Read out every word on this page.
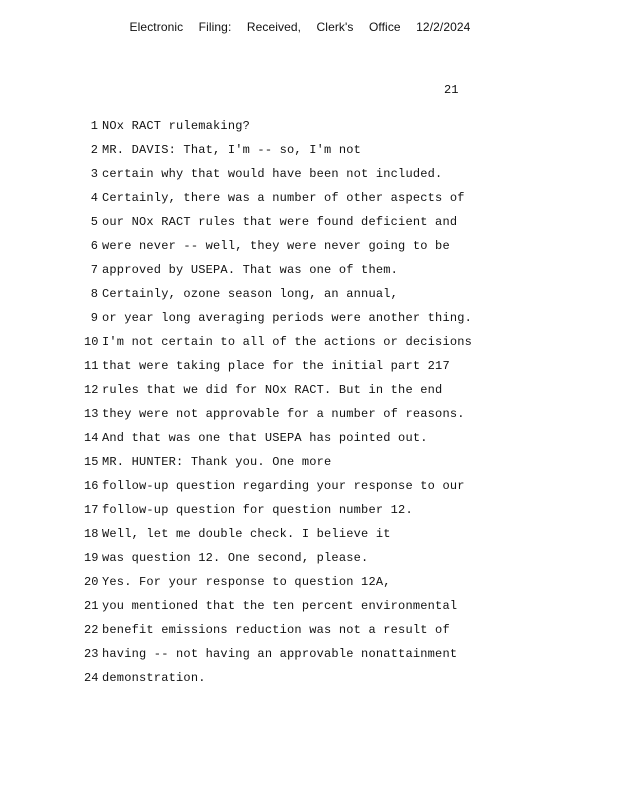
Electronic Filing: Received, Clerk's Office 12/2/2024
21
1 NOx RACT rulemaking?
2 MR. DAVIS: That, I'm -- so, I'm not
3 certain why that would have been not included.
4 Certainly, there was a number of other aspects of
5 our NOx RACT rules that were found deficient and
6 were never -- well, they were never going to be
7 approved by USEPA. That was one of them.
8 Certainly, ozone season long, an annual,
9 or year long averaging periods were another thing.
10 I'm not certain to all of the actions or decisions
11 that were taking place for the initial part 217
12 rules that we did for NOx RACT. But in the end
13 they were not approvable for a number of reasons.
14 And that was one that USEPA has pointed out.
15 MR. HUNTER: Thank you. One more
16 follow-up question regarding your response to our
17 follow-up question for question number 12.
18 Well, let me double check. I believe it
19 was question 12. One second, please.
20 Yes. For your response to question 12A,
21 you mentioned that the ten percent environmental
22 benefit emissions reduction was not a result of
23 having -- not having an approvable nonattainment
24 demonstration.
